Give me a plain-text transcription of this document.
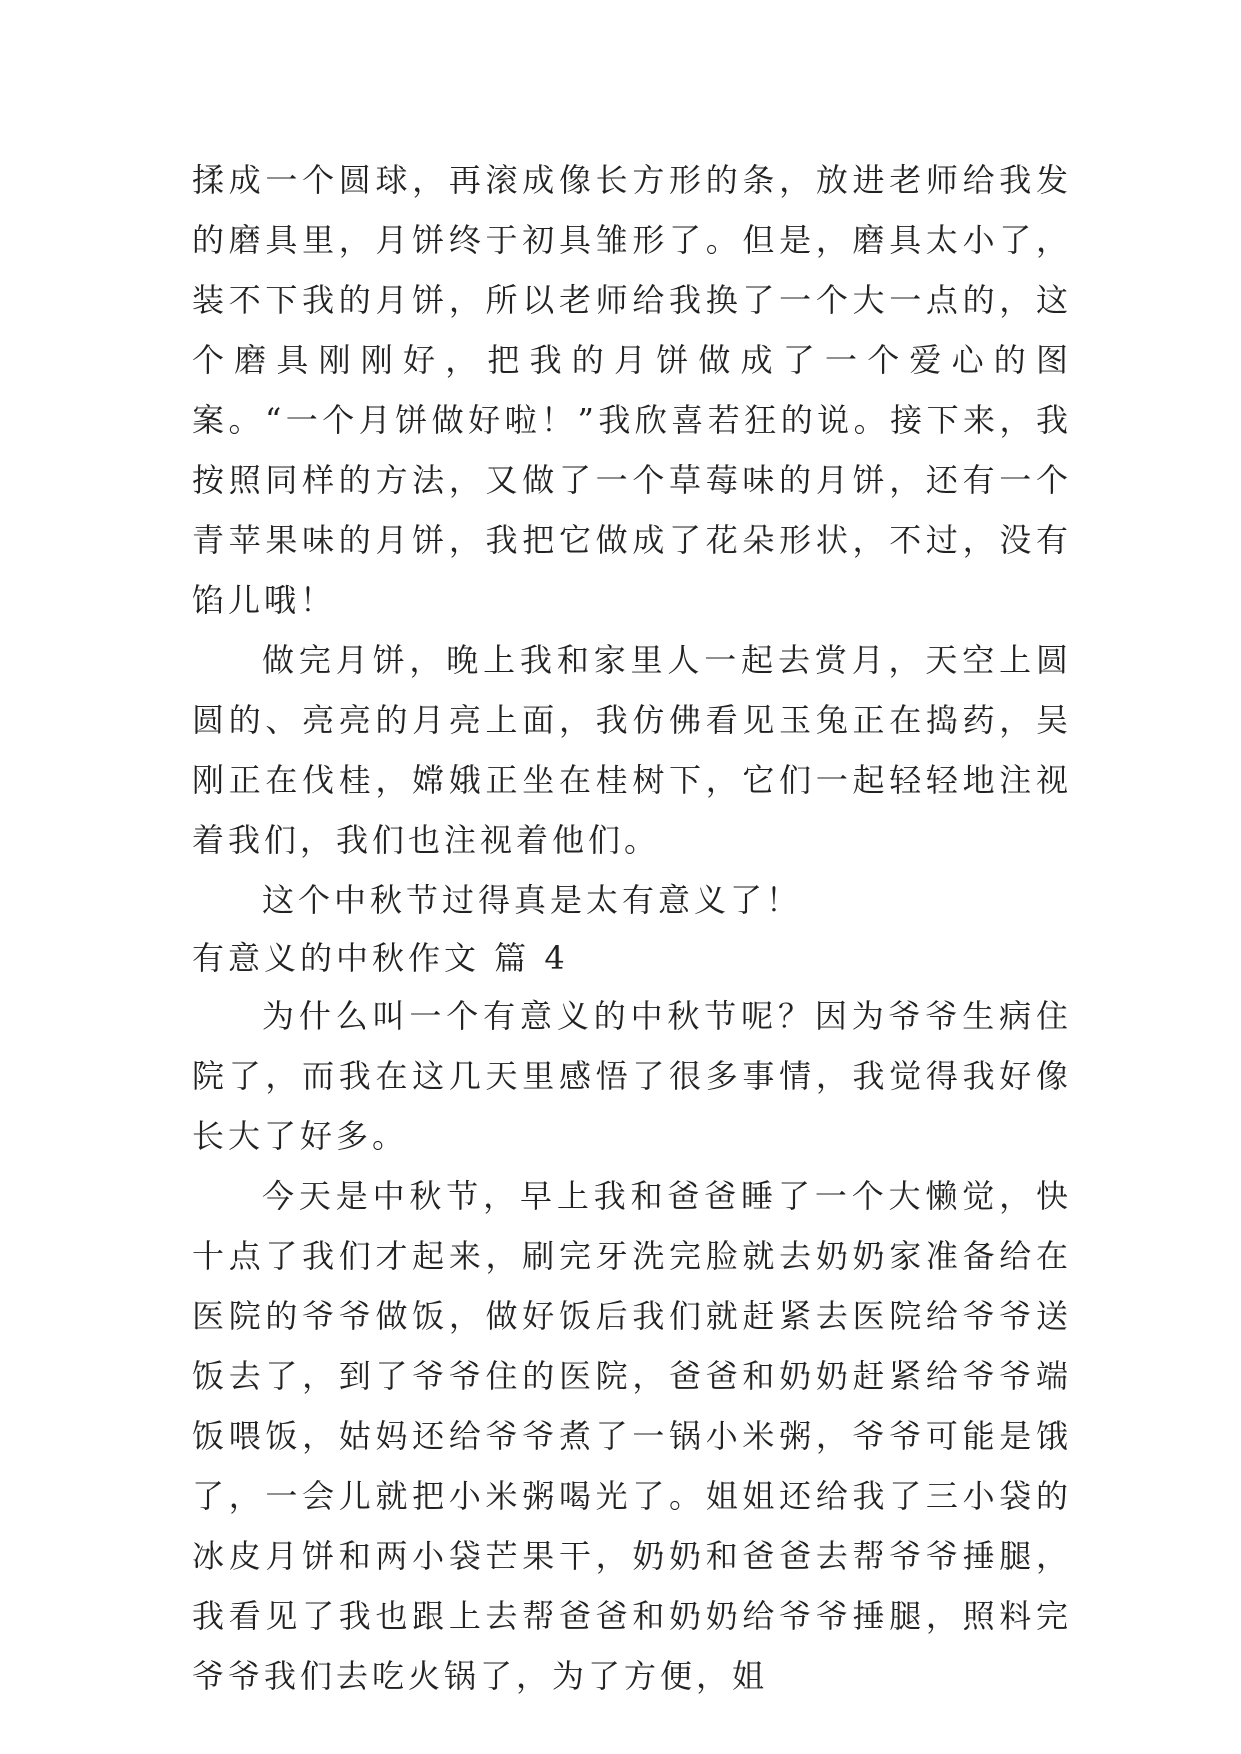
揉成一个圆球，再滚成像长方形的条，放进老师给我发的磨具里，月饼终于初具雏形了。但是，磨具太小了，装不下我的月饼，所以老师给我换了一个大一点的，这个磨具刚刚好，把我的月饼做成了一个爱心的图案。“一个月饼做好啦！”我欣喜若狂的说。接下来，我按照同样的方法，又做了一个草莓味的月饼，还有一个青苹果味的月饼，我把它做成了花朵形状，不过，没有馅儿哦！

做完月饼，晚上我和家里人一起去赏月，天空上圆圆的、亮亮的月亮上面，我仿佛看见玉兔正在捣药，吴刚正在伐桂，嫦娥正坐在桂树下，它们一起轻轻地注视着我们，我们也注视着他们。

这个中秋节过得真是太有意义了！

有意义的中秋作文 篇 4

为什么叫一个有意义的中秋节呢？因为爷爷生病住院了，而我在这几天里感悟了很多事情，我觉得我好像长大了好多。

今天是中秋节，早上我和爸爸睡了一个大懒觉，快十点了我们才起来，刷完牙洗完脸就去奶奶家准备给在医院的爷爷做饭，做好饭后我们就赶紧去医院给爷爷送饭去了，到了爷爷住的医院，爸爸和奶奶赶紧给爷爷端饭喂饭，姑妈还给爷爷煮了一锅小米粥，爷爷可能是饿了，一会儿就把小米粥喝光了。姐姐还给我了三小袋的冰皮月饼和两小袋芒果干，奶奶和爸爸去帮爷爷捶腿，我看见了我也跟上去帮爸爸和奶奶给爷爷捶腿，照料完爷爷我们去吃火锅了，为了方便，姐
